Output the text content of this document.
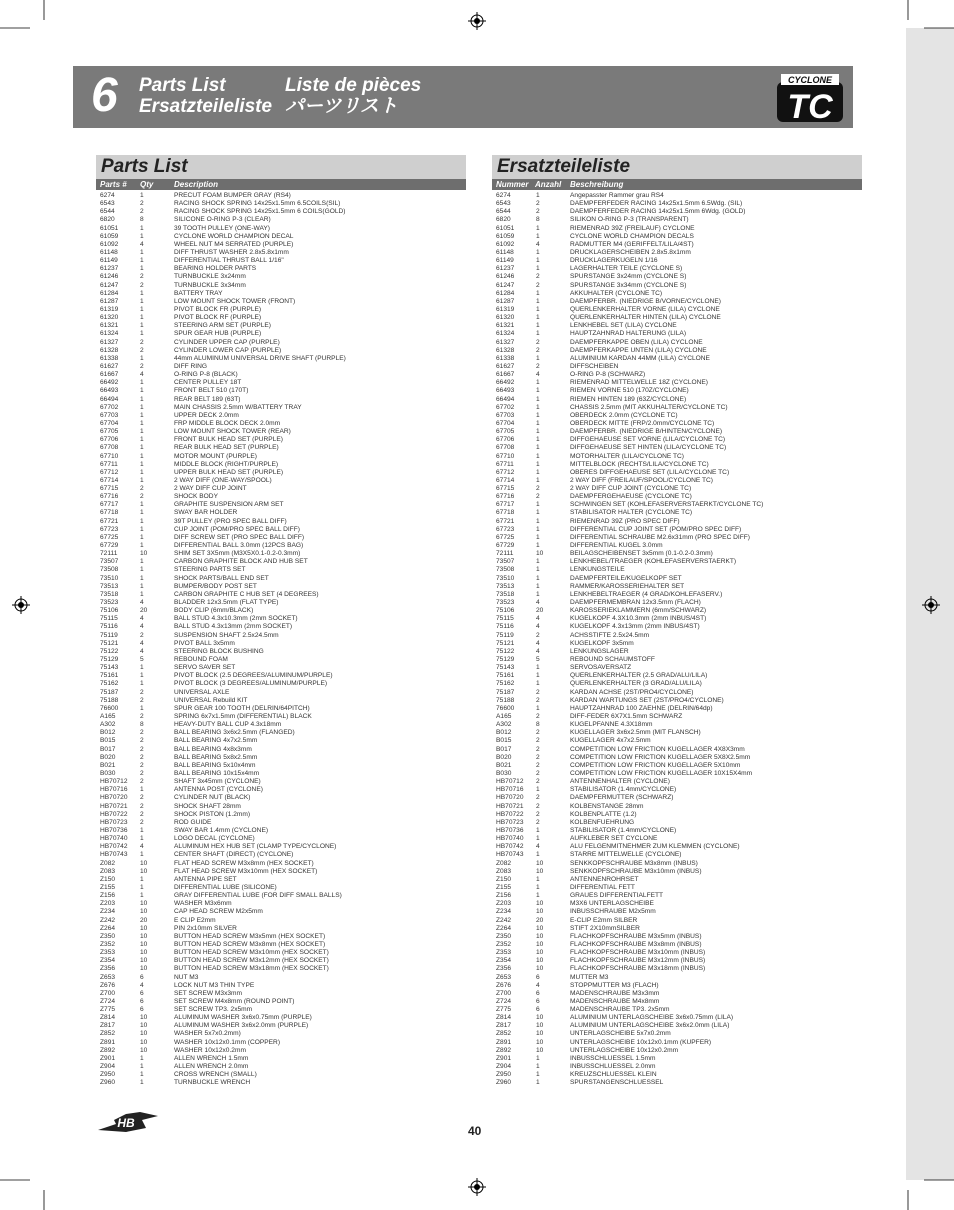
6 Parts List	Liste de pièces
Ersatzteileliste パーツリスト
CYCLONE
TC
Parts List
Parts # Qty	Description
6274	1	PRECUT FOAM BUMPER GRAY (RS4)
6543	2	RACING SHOCK SPRING 14x25x1.5mm 6.5COILS(SIL)
6544	2	RACING SHOCK SPRING 14x25x1.5mm 6 COILS(GOLD)
6820	8	SILICONE O-RING P-3 (CLEAR)
61051	1	39 TOOTH PULLEY (ONE-WAY)
61059	1	CYCLONE WORLD CHAMPION DECAL
61092	4	WHEEL NUT M4 SERRATED (PURPLE)
61148	1	DIFF THRUST WASHER 2.8x5.8x1mm
61149	1	DIFFERENTIAL THRUST BALL 1/16"
61237	1	BEARING HOLDER PARTS
61246	2	TURNBUCKLE 3x24mm
61247	2	TURNBUCKLE 3x34mm
61284	1	BATTERY TRAY
61287	1	LOW MOUNT SHOCK TOWER (FRONT)
61319	1	PIVOT BLOCK FR (PURPLE)
61320	1	PIVOT BLOCK RF (PURPLE)
61321	1	STEERING ARM SET (PURPLE)
61324	1	SPUR GEAR HUB (PURPLE)
61327	2	CYLINDER UPPER CAP (PURPLE)
61328	2	CYLINDER LOWER CAP (PURPLE)
61338	1	44mm ALUMINUM UNIVERSAL DRIVE SHAFT (PURPLE)
61627	2	DIFF RING
61667	4	O-RING P-8 (BLACK)
66492	1	CENTER PULLEY 18T
66493	1	FRONT BELT 510 (170T)
66494	1	REAR BELT 189 (63T)
67702	1	MAIN CHASSIS 2.5mm W/BATTERY TRAY
67703	1	UPPER DECK 2.0mm
67704	1	FRP MIDDLE BLOCK DECK 2.0mm
67705	1	LOW MOUNT SHOCK TOWER (REAR)
67706	1	FRONT BULK HEAD SET (PURPLE)
67708	1	REAR BULK HEAD SET (PURPLE)
67710	1	MOTOR MOUNT (PURPLE)
67711	1	MIDDLE BLOCK (RIGHT/PURPLE)
67712	1	UPPER BULK HEAD SET (PURPLE)
67714	1	2 WAY DIFF (ONE-WAY/SPOOL)
67715	2	2 WAY DIFF CUP JOINT
67716	2	SHOCK BODY
67717	1	GRAPHITE SUSPENSION ARM SET
67718	1	SWAY BAR HOLDER
67721	1	39T PULLEY (PRO SPEC BALL DIFF)
67723	1	CUP JOINT (POM/PRO SPEC BALL DIFF)
67725	1	DIFF SCREW SET (PRO SPEC BALL DIFF)
67729	1	DIFFERENTIAL BALL 3.0mm (12PCS BAG)
72111	10	SHIM SET 3X5mm (M3X5X0.1-0.2-0.3mm)
73507	1	CARBON GRAPHITE BLOCK AND HUB SET
73508	1	STEERING PARTS SET
73510	1	SHOCK PARTS/BALL END SET
73513	1	BUMPER/BODY POST SET
73518	1	CARBON GRAPHITE C HUB SET (4 DEGREES)
73523	4	BLADDER 12x3.5mm (FLAT TYPE)
75106	20	BODY CLIP (6mm/BLACK)
75115	4	BALL STUD 4.3x10.3mm (2mm SOCKET)
75116	4	BALL STUD 4.3x13mm (2mm SOCKET)
75119	2	SUSPENSION SHAFT 2.5x24.5mm
75121	4	PIVOT BALL 3x5mm
75122	4	STEERING BLOCK BUSHING
75129	5	REBOUND FOAM
75143	1	SERVO SAVER SET
75161	1	PIVOT BLOCK (2.5 DEGREES/ALUMINUM/PURPLE)
75162	1	PIVOT BLOCK (3 DEGREES/ALUMINUM/PURPLE)
75187	2	UNIVERSAL AXLE
75188	2	UNIVERSAL Rebuild KIT
76600	1	SPUR GEAR 100 TOOTH (DELRIN/64PITCH)
A165	2	SPRING 6x7x1.5mm (DIFFERENTIAL) BLACK
A302	8	HEAVY-DUTY BALL CUP 4.3x18mm
B012	2	BALL BEARING 3x6x2.5mm (FLANGED)
B015	2	BALL BEARING 4x7x2.5mm
B017	2	BALL BEARING 4x8x3mm
B020	2	BALL BEARING 5x8x2.5mm
B021	2	BALL BEARING 5x10x4mm
B030	2	BALL BEARING 10x15x4mm
HB70712 2	SHAFT 3x45mm (CYCLONE)
HB70716 1	ANTENNA POST (CYCLONE)
HB70720 2	CYLINDER NUT (BLACK)
HB70721 2	SHOCK SHAFT 28mm
HB70722 2	SHOCK PISTON (1.2mm)
HB70723 2	ROD GUIDE
HB70736 1	SWAY BAR 1.4mm (CYCLONE)
HB70740 1	LOGO DECAL (CYCLONE)
HB70742 4	ALUMINUM HEX HUB SET (CLAMP TYPE/CYCLONE)
HB70743 1	CENTER SHAFT (DIRECT) (CYCLONE)
Z082	10	FLAT HEAD SCREW M3x8mm (HEX SOCKET)
Z083	10	FLAT HEAD SCREW M3x10mm (HEX SOCKET)
Z150	1	ANTENNA PIPE SET
Z155	1	DIFFERENTIAL LUBE (SILICONE)
Z156	1	GRAY DIFFERENTIAL LUBE (FOR DIFF SMALL BALLS)
Z203	10	WASHER M3x6mm
Z234	10	CAP HEAD SCREW M2x5mm
Z242	20	E CLIP E2mm
Z264	10	PIN 2x10mm SILVER
Z350	10	BUTTON HEAD SCREW M3x5mm (HEX SOCKET)
Z352	10	BUTTON HEAD SCREW M3x8mm (HEX SOCKET)
Z353	10	BUTTON HEAD SCREW M3x10mm (HEX SOCKET)
Z354	10	BUTTON HEAD SCREW M3x12mm (HEX SOCKET)
Z356	10	BUTTON HEAD SCREW M3x18mm (HEX SOCKET)
Z653	6	NUT M3
Z676	4	LOCK NUT M3 THIN TYPE
Z700	6	SET SCREW M3x3mm
Z724	6	SET SCREW M4x8mm (ROUND POINT)
Z775	6	SET SCREW TP3. 2x5mm
Z814	10	ALUMINUM WASHER 3x6x0.75mm (PURPLE)
Z817	10	ALUMINUM WASHER 3x6x2.0mm (PURPLE)
Z852	10	WASHER 5x7x0.2mm)
Z891	10	WASHER 10x12x0.1mm (COPPER)
Z892	10	WASHER 10x12x0.2mm
Z901	1	ALLEN WRENCH 1.5mm
Z904	1	ALLEN WRENCH 2.0mm
Z950	1	CROSS WRENCH (SMALL)
Z960	1	TURNBUCKLE WRENCH
Ersatzteileliste
Nummer Anzahl Beschreibung
6274	1	Angepasster Rammer grau RS4
6543	2	DAEMPFERFEDER RACING 14x25x1.5mm 6.5Wdg. (SIL)
6544	2	DAEMPFERFEDER RACING 14x25x1.5mm 6Wdg. (GOLD)
6820	8	SILIKON O-RING P-3 (TRANSPARENT)
61051	1	RIEMENRAD 39Z (FREILAUF) CYCLONE
61059	1	CYCLONE WORLD CHAMPION DECALS
61092	4	RADMUTTER M4 (GERIFFELT/LILA/4ST)
61148	1	DRUCKLAGERSCHEIBEN 2.8x5.8x1mm
61149	1	DRUCKLAGERKUGELN 1/16
61237	1	LAGERHALTER TEILE (CYCLONE S)
61246	2	SPURSTANGE 3x24mm (CYCLONE S)
61247	2	SPURSTANGE 3x34mm (CYCLONE S)
61284	1	AKKUHALTER (CYCLONE TC)
61287	1	DAEMPFERBR. (NIEDRIGE B/VORNE/CYCLONE)
61319	1	QUERLENKERHALTER VORNE (LILA) CYCLONE
61320	1	QUERLENKERHALTER HINTEN (LILA) CYCLONE
61321	1	LENKHEBEL SET (LILA) CYCLONE
61324	1	HAUPTZAHNRAD HALTERUNG (LILA)
61327	2	DAEMPFERKAPPE OBEN (LILA) CYCLONE
61328	2	DAEMPFERKAPPE UNTEN (LILA) CYCLONE
61338	1	ALUMINIUM KARDAN 44MM (LILA) CYCLONE
61627	2	DIFFSCHEIBEN
61667	4	O-RING P-8 (SCHWARZ)
66492	1	RIEMENRAD MITTELWELLE 18Z (CYCLONE)
66493	1	RIEMEN VORNE 510 (170Z/CYCLONE)
66494	1	RIEMEN HINTEN 189 (63Z/CYCLONE)
67702	1	CHASSIS 2.5mm (MIT AKKUHALTER/CYCLONE TC)
67703	1	OBERDECK 2.0mm (CYCLONE TC)
67704	1	OBERDECK MITTE (FRP/2.0mm/CYCLONE TC)
67705	1	DAEMPFERBR. (NIEDRIGE B/HINTEN/CYCLONE)
67706	1	DIFFGEHAEUSE SET VORNE (LILA/CYCLONE TC)
67708	1	DIFFGEHAEUSE SET HINTEN (LILA/CYCLONE TC)
67710	1	MOTORHALTER (LILA/CYCLONE TC)
67711	1	MITTELBLOCK (RECHTS/LILA/CYCLONE TC)
67712	1	OBERES DIFFGEHAEUSE SET (LILA/CYCLONE TC)
67714	1	2 WAY DIFF (FREILAUF/SPOOL/CYCLONE TC)
67715	2	2 WAY DIFF CUP JOINT (CYCLONE TC)
67716	2	DAEMPFERGEHAEUSE (CYCLONE TC)
67717	1	SCHWINGEN SET (KOHLEFASERVERSTAERKT/CYCLONE TC)
67718	1	STABILISATOR HALTER (CYCLONE TC)
67721	1	RIEMENRAD 39Z (PRO SPEC DIFF)
67723	1	DIFFERENTIAL CUP JOINT SET (POM/PRO SPEC DIFF)
67725	1	DIFFERENTIAL SCHRAUBE M2.6x31mm (PRO SPEC DIFF)
67729	1	DIFFERENTIAL KUGEL 3.0mm
72111	10	BEILAGSCHEIBENSET 3x5mm (0.1-0.2-0.3mm)
73507	1	LENKHEBEL/TRAEGER (KOHLEFASERVERSTAERKT)
73508	1	LENKUNGSTEILE
73510	1	DAEMPFERTEILE/KUGELKOPF SET
73513	1	RAMMER/KAROSSERIEHALTER SET
73518	1	LENKHEBELTRAEGER (4 GRAD/KOHLEFASERV.)
73523	4	DAEMPFERMEMBRAN 12x3.5mm (FLACH)
75106	20	KAROSSERIEKLAMMERN (6mm/SCHWARZ)
75115	4	KUGELKOPF 4.3X10.3mm (2mm INBUS/4ST)
75116	4	KUGELKOPF 4.3x13mm (2mm INBUS/4ST)
75119	2	ACHSSTIFTE 2.5x24.5mm
75121	4	KUGELKOPF 3x5mm
75122	4	LENKUNGSLAGER
75129	5	REBOUND SCHAUMSTOFF
75143	1	SERVOSAVERSATZ
75161	1	QUERLENKERHALTER (2.5 GRAD/ALU/LILA)
75162	1	QUERLENKERHALTER (3 GRAD/ALU/LILA)
75187	2	KARDAN ACHSE (2ST/PRO4/CYCLONE)
75188	2	KARDAN WARTUNGS SET (2ST/PRO4/CYCLONE)
76600	1	HAUPTZAHNRAD 100 ZAEHNE (DELRIN/64dp)
A165	2	DIFF-FEDER 6X7X1.5mm SCHWARZ
A302	8	KUGELPFANNE 4.3X18mm
B012	2	KUGELLAGER 3x6x2.5mm (MIT FLANSCH)
B015	2	KUGELLAGER 4x7x2.5mm
B017	2	COMPETITION LOW FRICTION KUGELLAGER 4X8X3mm
B020	2	COMPETITION LOW FRICTION KUGELLAGER 5X8X2.5mm
B021	2	COMPETITION LOW FRICTION KUGELLAGER 5X10mm
B030	2	COMPETITION LOW FRICTION KUGELLAGER 10X15X4mm
HB70712 2	ANTENNENHALTER (CYCLONE)
HB70716 1	STABILISATOR (1.4mm/CYCLONE)
HB70720 2	DAEMPFERMUTTER (SCHWARZ)
HB70721 2	KOLBENSTANGE 28mm
HB70722 2	KOLBENPLATTE (1.2)
HB70723 2	KOLBENFUEHRUNG
HB70736 1	STABILISATOR (1.4mm/CYCLONE)
HB70740 1	AUFKLEBER SET CYCLONE
HB70742 4	ALU FELGENMITNEHMER ZUM KLEMMEN (CYCLONE)
HB70743 1	STARRE MITTELWELLE (CYCLONE)
Z082	10	SENKKOPFSCHRAUBE M3x8mm (INBUS)
Z083	10	SENKKOPFSCHRAUBE M3x10mm (INBUS)
Z150	1	ANTENNENROHRSET
Z155	1	DIFFERENTIAL FETT
Z156	1	GRAUES DIFFERENTIALFETT
Z203	10	M3X6 UNTERLAGSCHEIBE
Z234	10	INBUSSCHRAUBE M2x5mm
Z242	20	E-CLIP E2mm SILBER
Z264	10	STIFT 2X10mmSILBER
Z350	10	FLACHKOPFSCHRAUBE M3x5mm (INBUS)
Z352	10	FLACHKOPFSCHRAUBE M3x8mm (INBUS)
Z353	10	FLACHKOPFSCHRAUBE M3x10mm (INBUS)
Z354	10	FLACHKOPFSCHRAUBE M3x12mm (INBUS)
Z356	10	FLACHKOPFSCHRAUBE M3x18mm (INBUS)
Z653	6	MUTTER M3
Z676	4	STOPPMUTTER M3 (FLACH)
Z700	6	MADENSCHRAUBE M3x3mm
Z724	6	MADENSCHRAUBE M4x8mm
Z775	6	MADENSCHRAUBE TP3. 2x5mm
Z814	10	ALUMINIUM UNTERLAGSCHEIBE 3x6x0.75mm (LILA)
Z817	10	ALUMINIUM UNTERLAGSCHEIBE 3x6x2.0mm (LILA)
Z852	10	UNTERLAGSCHEIBE 5x7x0.2mm
Z891	10	UNTERLAGSCHEIBE 10x12x0.1mm (KUPFER)
Z892	10	UNTERLAGSCHEIBE 10x12x0.2mm
Z901	1	INBUSSCHLUESSEL 1.5mm
Z904	1	INBUSSCHLUESSEL 2.0mm
Z950	1	KREUZSCHLUESSEL KLEIN
Z960	1	SPURSTANGENSCHLUESSEL
HB
40
